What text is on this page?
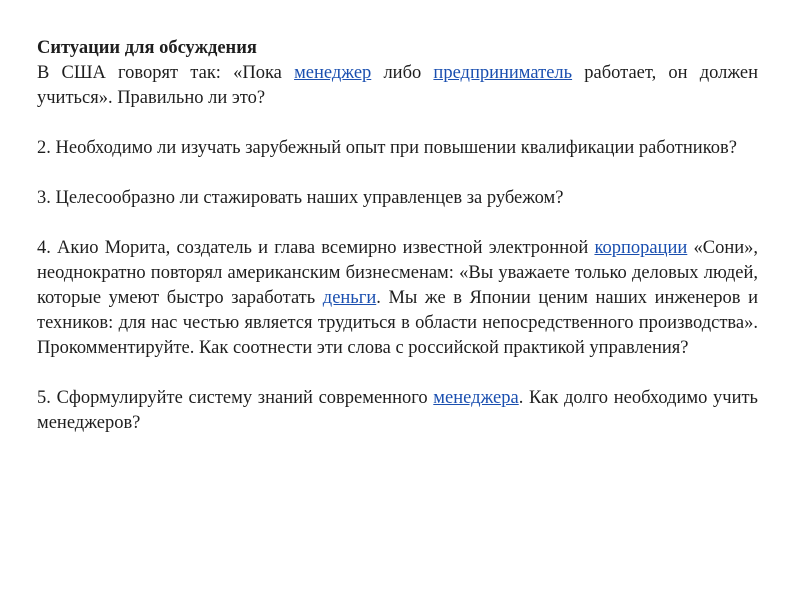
Ситуации для обсуждения

В США говорят так: «Пока менеджер либо предприниматель работает, он должен учиться». Правильно ли это?

2. Необходимо ли изучать зарубежный опыт при повышении квалификации работников?

3. Целесообразно ли стажировать наших управленцев за рубежом?

4. Акио Морита, создатель и глава всемирно известной электронной корпорации «Сони», неоднократно повторял американским бизнесменам: «Вы уважаете только деловых людей, которые умеют быстро заработать деньги. Мы же в Японии ценим наших инженеров и техников: для нас честью является трудиться в области непосредственного производства». Прокомментируйте. Как соотнести эти слова с российской практикой управления?

5. Сформулируйте систему знаний современного менеджера. Как долго необходимо учить менеджеров?
